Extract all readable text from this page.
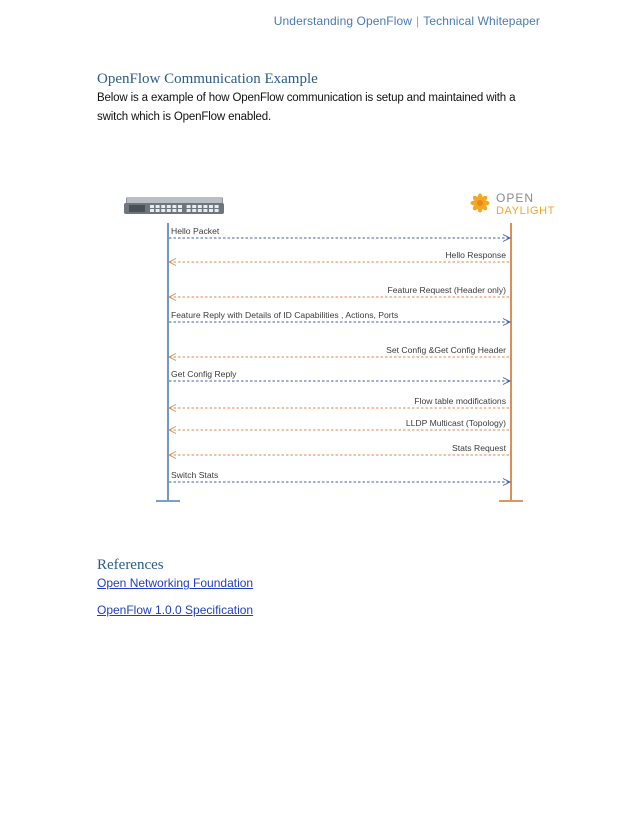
Understanding OpenFlow | Technical Whitepaper
OpenFlow Communication Example
Below is a example of how OpenFlow communication is setup and maintained with a switch which is OpenFlow enabled.
OPEN
DAYLIGHT
Hello Packet
Hello Response
Feature Request (Header only)
Feature Reply with Details of ID Capabilities , Actions, Ports
Set Config &Get Config Header
Get Config Reply
Flow table modifications
LLDP Multicast (Topology)
Stats Request
Switch Stats
References
Open Networking Foundation
OpenFlow 1.0.0 Specification
